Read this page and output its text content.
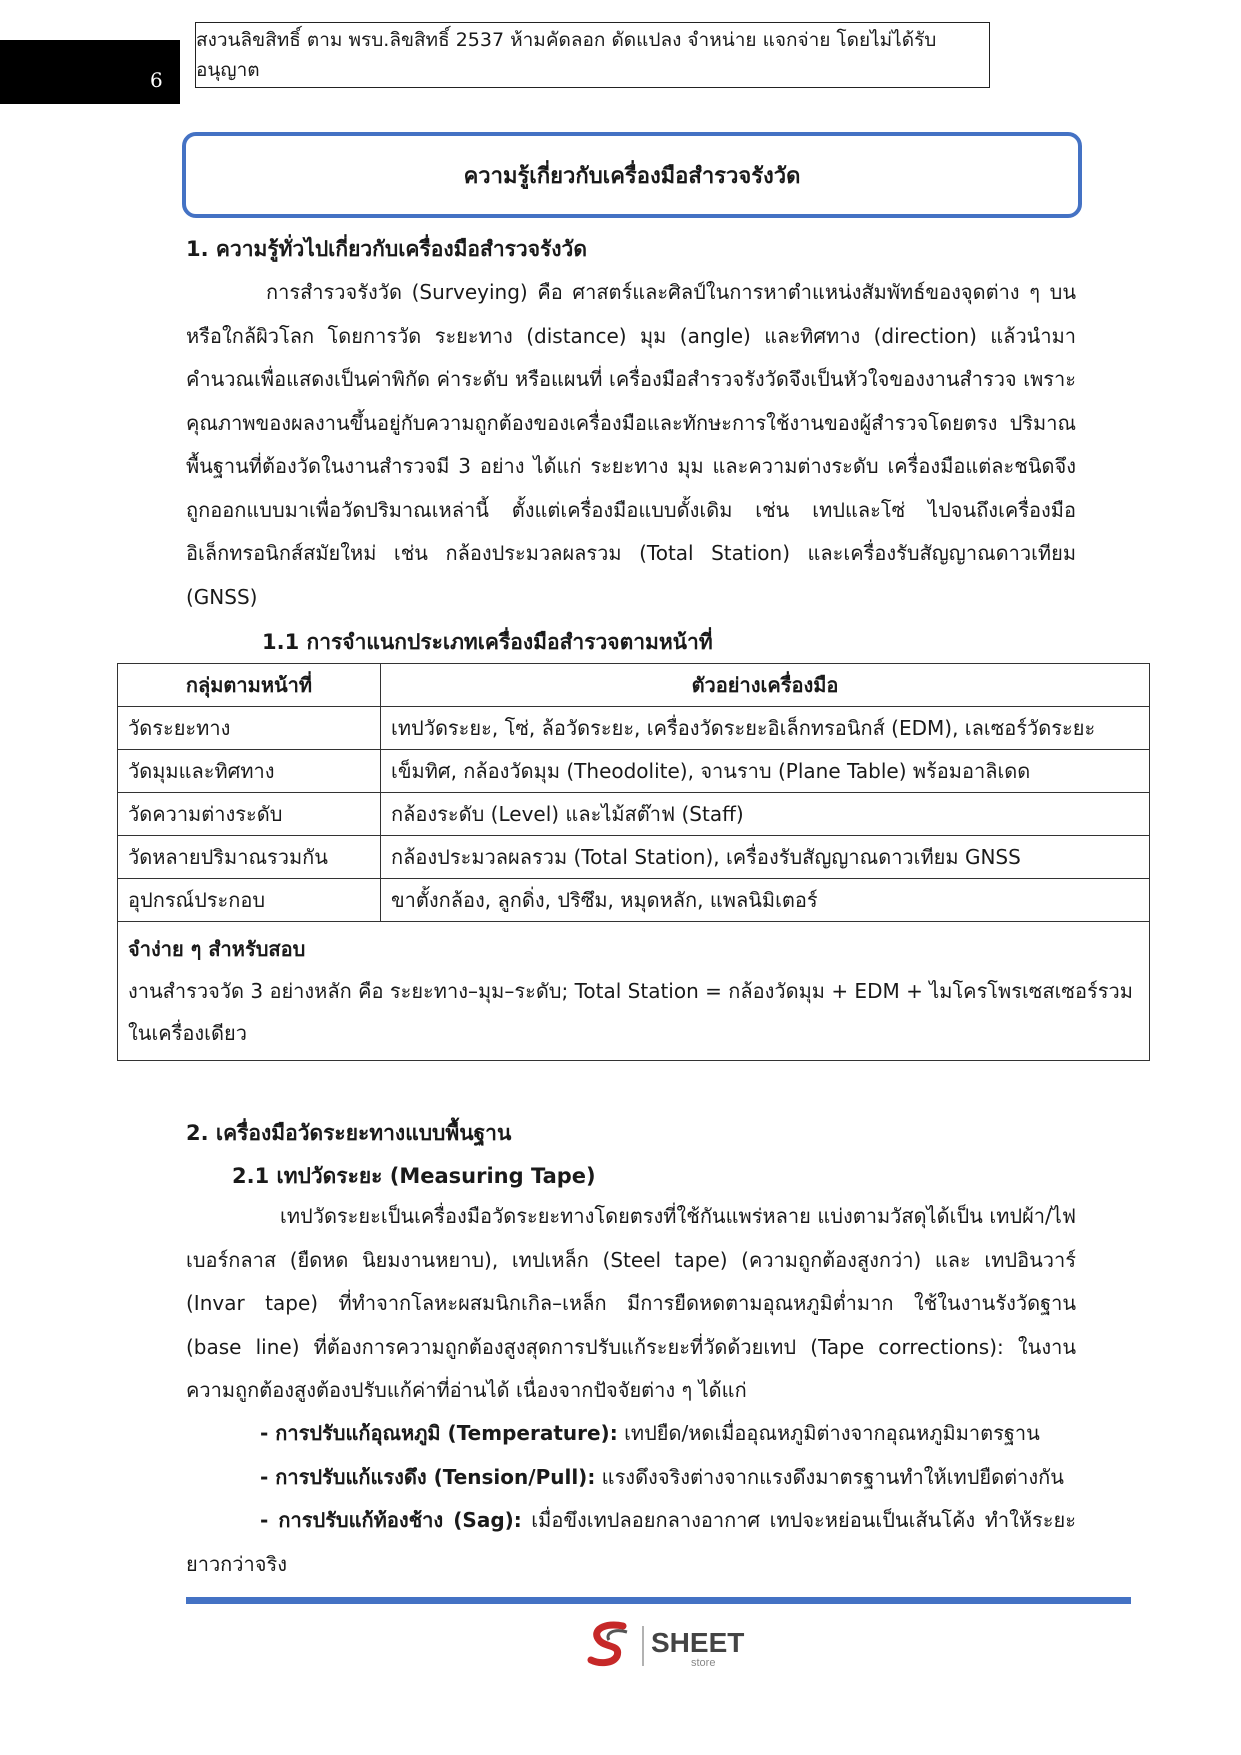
6
สงวนลิขสิทธิ์ ตาม พรบ.ลิขสิทธิ์ 2537 ห้ามคัดลอก ดัดแปลง จำหน่าย แจกจ่าย โดยไม่ได้รับอนุญาต
ความรู้เกี่ยวกับเครื่องมือสำรวจรังวัด
1. ความรู้ทั่วไปเกี่ยวกับเครื่องมือสำรวจรังวัด
การสำรวจรังวัด (Surveying) คือ ศาสตร์และศิลป์ในการหาตำแหน่งสัมพัทธ์ของจุดต่าง ๆ บนหรือใกล้ผิวโลก โดยการวัด ระยะทาง (distance) มุม (angle) และทิศทาง (direction) แล้วนำมาคำนวณเพื่อแสดงเป็นค่าพิกัด ค่าระดับ หรือแผนที่ เครื่องมือสำรวจรังวัดจึงเป็นหัวใจของงานสำรวจ เพราะคุณภาพของผลงานขึ้นอยู่กับความถูกต้องของเครื่องมือและทักษะการใช้งานของผู้สำรวจโดยตรง ปริมาณพื้นฐานที่ต้องวัดในงานสำรวจมี 3 อย่าง ได้แก่ ระยะทาง มุม และความต่างระดับ เครื่องมือแต่ละชนิดจึงถูกออกแบบมาเพื่อวัดปริมาณเหล่านี้ ตั้งแต่เครื่องมือแบบดั้งเดิม เช่น เทปและโซ่ ไปจนถึงเครื่องมืออิเล็กทรอนิกส์สมัยใหม่ เช่น กล้องประมวลผลรวม (Total Station) และเครื่องรับสัญญาณดาวเทียม (GNSS)
1.1 การจำแนกประเภทเครื่องมือสำรวจตามหน้าที่
กลุ่มตามหน้าที่	ตัวอย่างเครื่องมือ
วัดระยะทาง	เทปวัดระยะ, โซ่, ล้อวัดระยะ, เครื่องวัดระยะอิเล็กทรอนิกส์ (EDM), เลเซอร์วัดระยะ
วัดมุมและทิศทาง	เข็มทิศ, กล้องวัดมุม (Theodolite), จานราบ (Plane Table) พร้อมอาลิเดด
วัดความต่างระดับ	กล้องระดับ (Level) และไม้สต๊าฟ (Staff)
วัดหลายปริมาณรวมกัน	กล้องประมวลผลรวม (Total Station), เครื่องรับสัญญาณดาวเทียม GNSS
อุปกรณ์ประกอบ	ขาตั้งกล้อง, ลูกดิ่ง, ปริซึม, หมุดหลัก, แพลนิมิเตอร์
จำง่าย ๆ สำหรับสอบ
งานสำรวจวัด 3 อย่างหลัก คือ ระยะทาง–มุม–ระดับ; Total Station = กล้องวัดมุม + EDM + ไมโครโพรเซสเซอร์รวมในเครื่องเดียว	
2. เครื่องมือวัดระยะทางแบบพื้นฐาน
2.1 เทปวัดระยะ (Measuring Tape)
เทปวัดระยะเป็นเครื่องมือวัดระยะทางโดยตรงที่ใช้กันแพร่หลาย แบ่งตามวัสดุได้เป็น เทปผ้า/ไฟเบอร์กลาส (ยืดหด นิยมงานหยาบ), เทปเหล็ก (Steel tape) (ความถูกต้องสูงกว่า) และ เทปอินวาร์ (Invar tape) ที่ทำจากโลหะผสมนิกเกิล–เหล็ก มีการยืดหดตามอุณหภูมิต่ำมาก ใช้ในงานรังวัดฐาน (base line) ที่ต้องการความถูกต้องสูงสุดการปรับแก้ระยะที่วัดด้วยเทป (Tape corrections): ในงานความถูกต้องสูงต้องปรับแก้ค่าที่อ่านได้ เนื่องจากปัจจัยต่าง ๆ ได้แก่
- การปรับแก้อุณหภูมิ (Temperature): เทปยืด/หดเมื่ออุณหภูมิต่างจากอุณหภูมิมาตรฐาน
- การปรับแก้แรงดึง (Tension/Pull): แรงดึงจริงต่างจากแรงดึงมาตรฐานทำให้เทปยืดต่างกัน
- การปรับแก้ท้องช้าง (Sag): เมื่อขึงเทปลอยกลางอากาศ เทปจะหย่อนเป็นเส้นโค้ง ทำให้ระยะยาวกว่าจริง
SHEET
store
